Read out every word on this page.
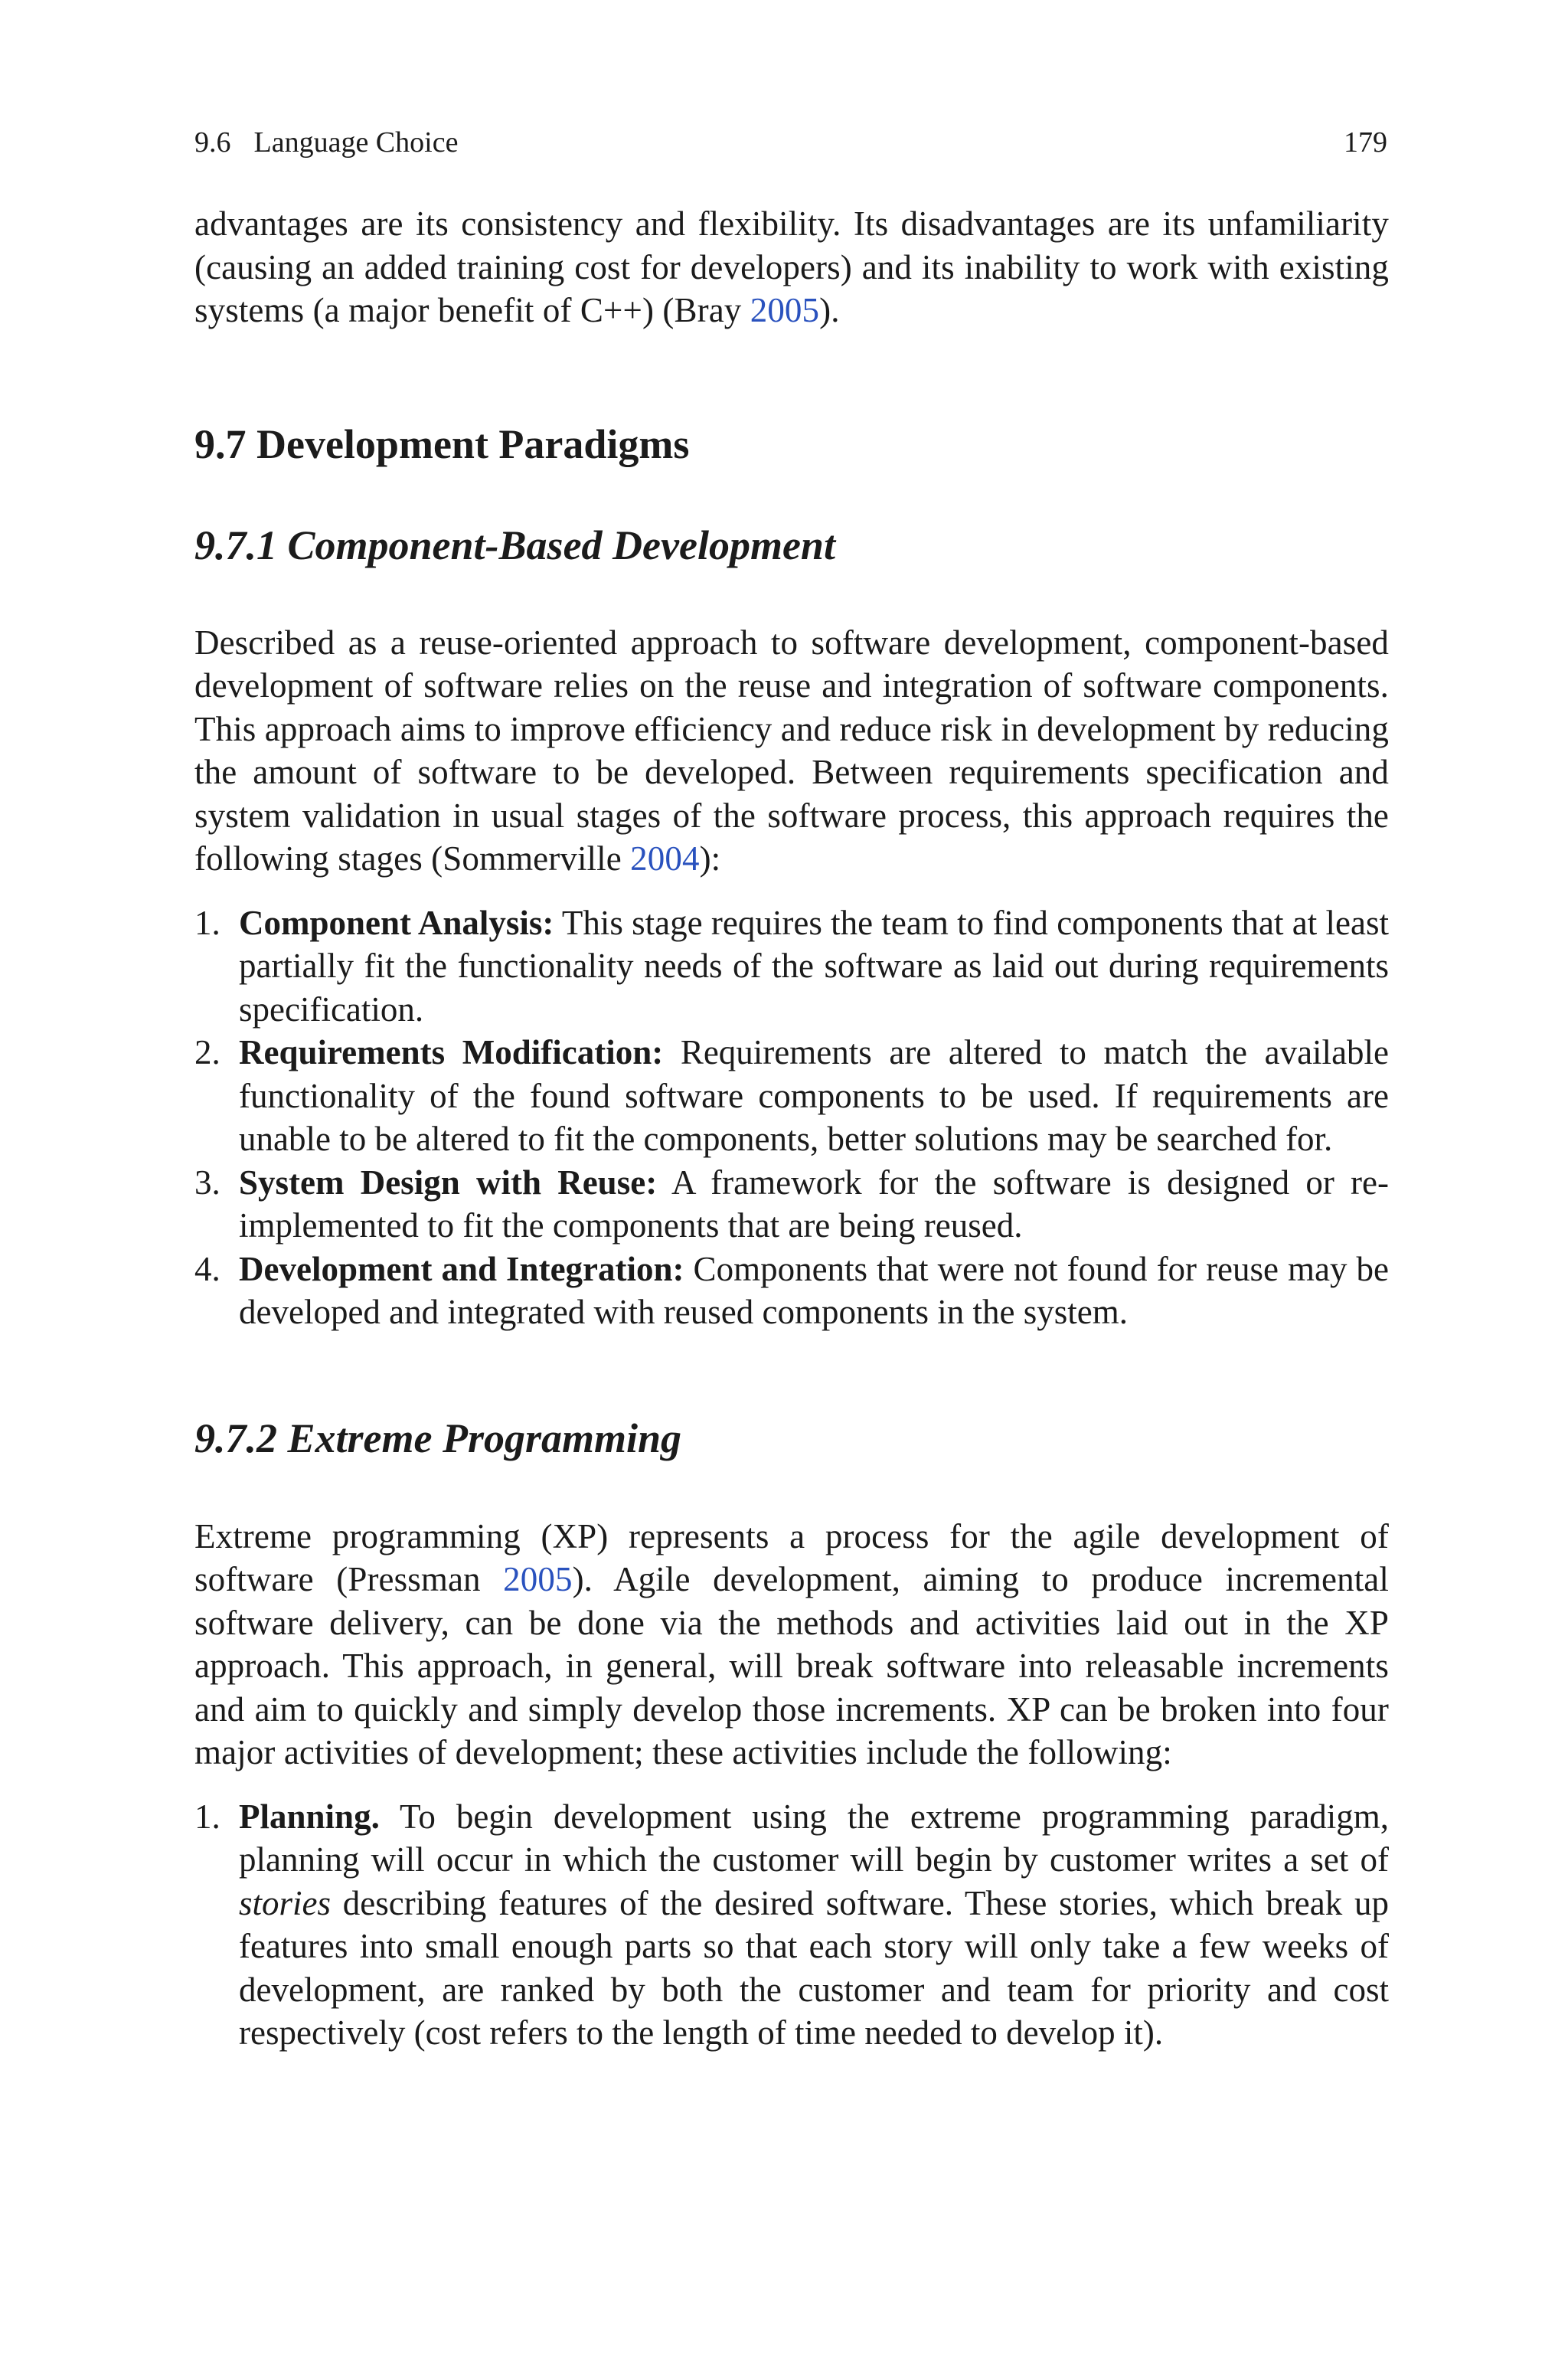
9.6 Language Choice	179

advantages are its consistency and flexibility. Its disadvantages are its unfamiliarity (causing an added training cost for developers) and its inability to work with existing systems (a major benefit of C++) (Bray 2005).

9.7 Development Paradigms
9.7.1 Component-Based Development

Described as a reuse-oriented approach to software development, component-based development of software relies on the reuse and integration of software components. This approach aims to improve efficiency and reduce risk in development by reducing the amount of software to be developed. Between requirements specification and system validation in usual stages of the software process, this approach requires the following stages (Sommerville 2004):

1. Component Analysis: This stage requires the team to find components that at least partially fit the functionality needs of the software as laid out during requirements specification.
2. Requirements Modification: Requirements are altered to match the available functionality of the found software components to be used. If requirements are unable to be altered to fit the components, better solutions may be searched for.
3. System Design with Reuse: A framework for the software is designed or re-implemented to fit the components that are being reused.
4. Development and Integration: Components that were not found for reuse may be developed and integrated with reused components in the system.
9.7.2 Extreme Programming

Extreme programming (XP) represents a process for the agile development of software (Pressman 2005). Agile development, aiming to produce incremental software delivery, can be done via the methods and activities laid out in the XP approach. This approach, in general, will break software into releasable increments and aim to quickly and simply develop those increments. XP can be broken into four major activities of development; these activities include the following:

1. Planning. To begin development using the extreme programming paradigm, planning will occur in which the customer will begin by customer writes a set of stories describing features of the desired software. These stories, which break up features into small enough parts so that each story will only take a few weeks of development, are ranked by both the customer and team for priority and cost respectively (cost refers to the length of time needed to develop it).
